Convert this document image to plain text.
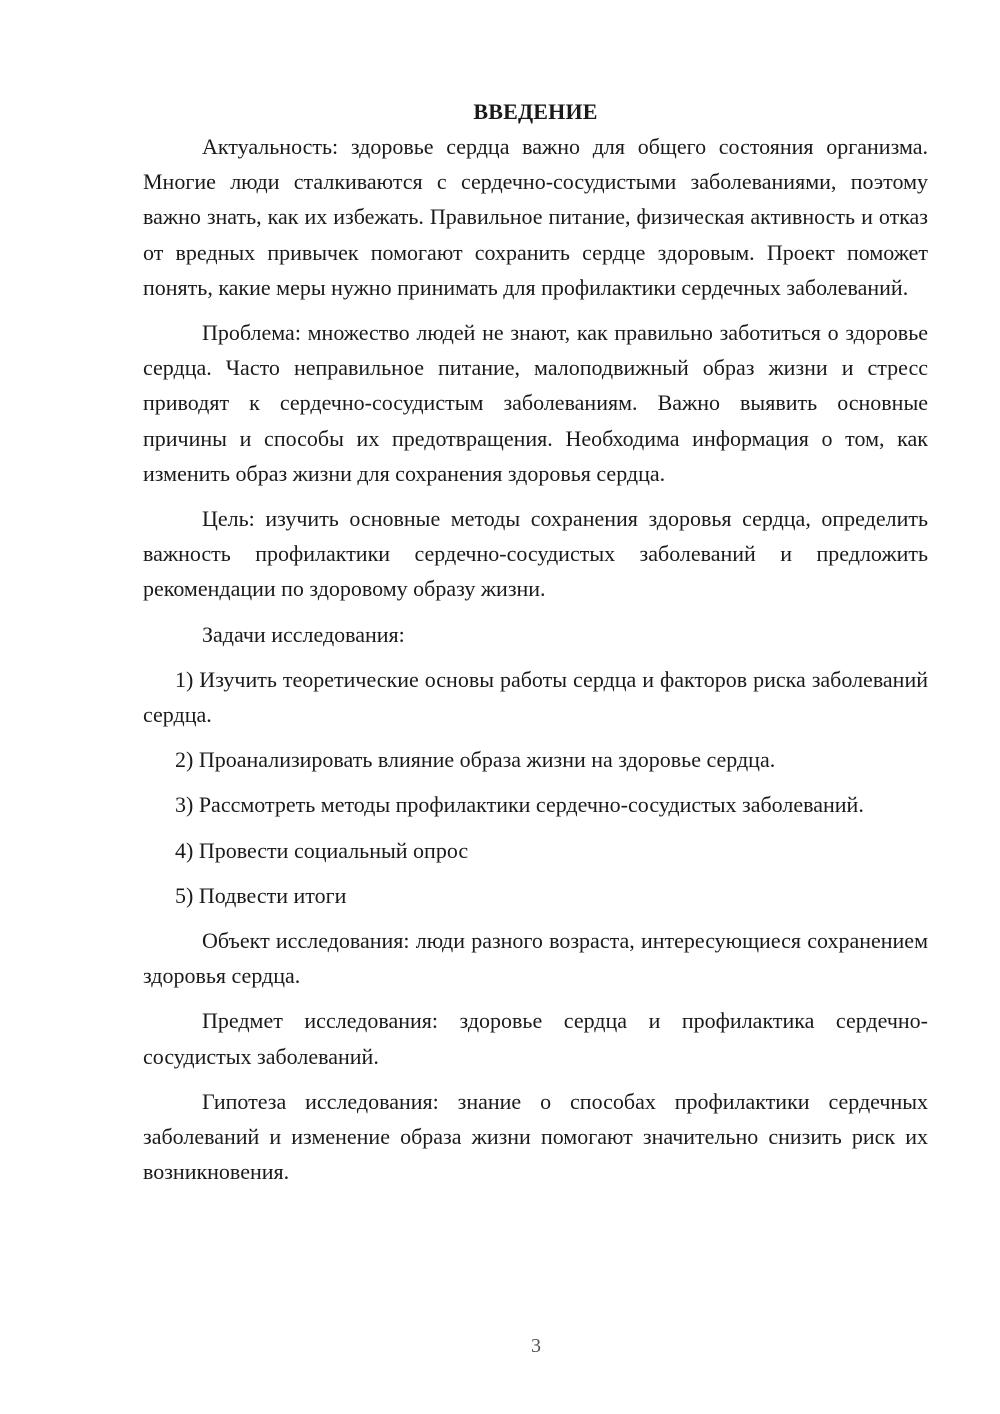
ВВЕДЕНИЕ

Актуальность: здоровье сердца важно для общего состояния организма. Многие люди сталкиваются с сердечно-сосудистыми заболеваниями, поэтому важно знать, как их избежать. Правильное питание, физическая активность и отказ от вредных привычек помогают сохранить сердце здоровым. Проект поможет понять, какие меры нужно принимать для профилактики сердечных заболеваний.

Проблема: множество людей не знают, как правильно заботиться о здоровье сердца. Часто неправильное питание, малоподвижный образ жизни и стресс приводят к сердечно-сосудистым заболеваниям. Важно выявить основные причины и способы их предотвращения. Необходима информация о том, как изменить образ жизни для сохранения здоровья сердца.

Цель: изучить основные методы сохранения здоровья сердца, определить важность профилактики сердечно-сосудистых заболеваний и предложить рекомендации по здоровому образу жизни.

Задачи исследования:

1) Изучить теоретические основы работы сердца и факторов риска заболеваний сердца.

2) Проанализировать влияние образа жизни на здоровье сердца.

3) Рассмотреть методы профилактики сердечно-сосудистых заболеваний.

4) Провести социальный опрос

5) Подвести итоги

Объект исследования: люди разного возраста, интересующиеся сохранением здоровья сердца.

Предмет исследования: здоровье сердца и профилактика сердечно-сосудистых заболеваний.

Гипотеза исследования: знание о способах профилактики сердечных заболеваний и изменение образа жизни помогают значительно снизить риск их возникновения.

3
